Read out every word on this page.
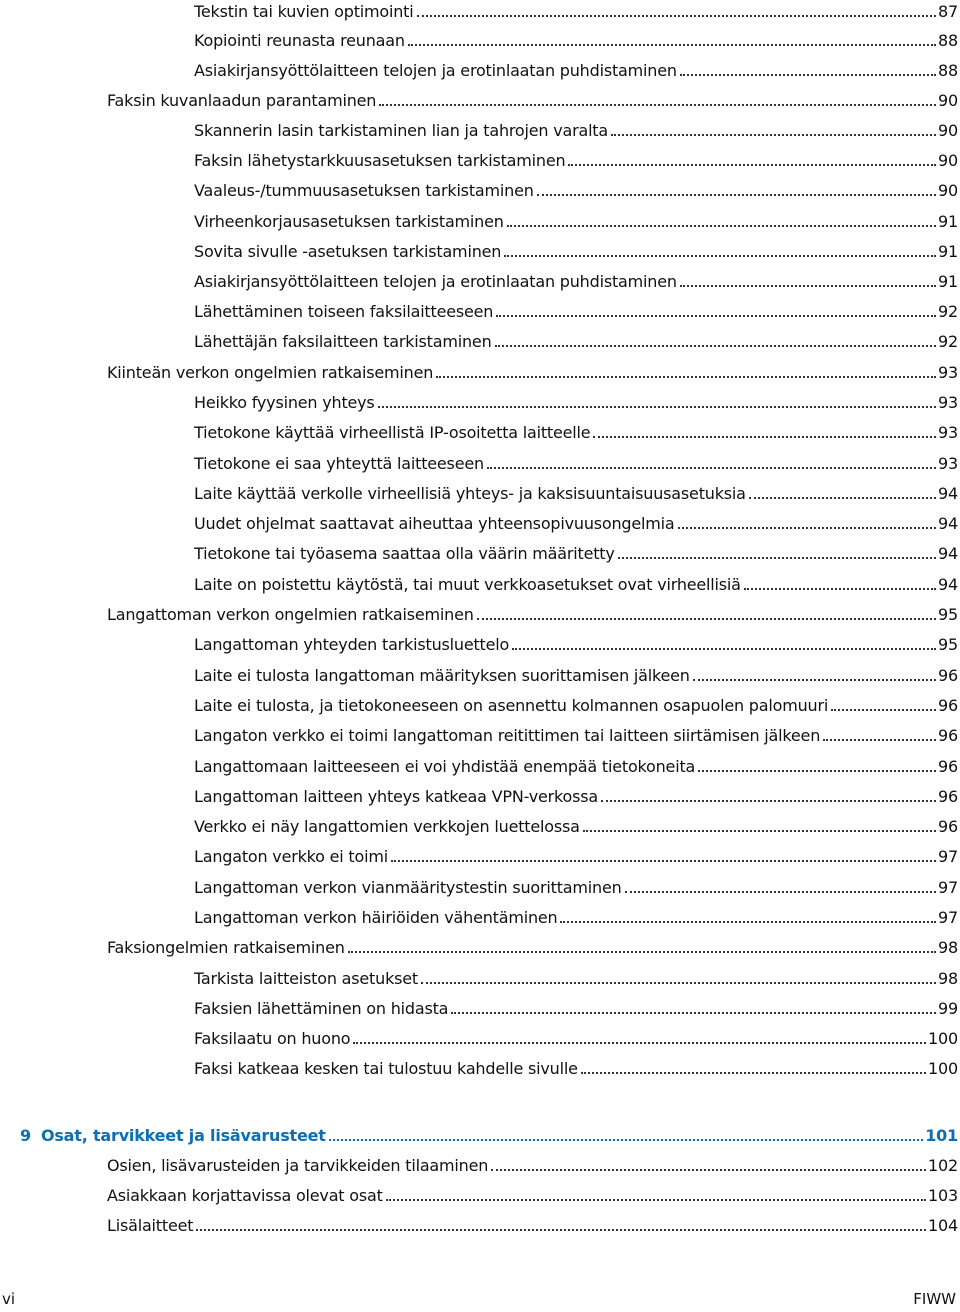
Tekstin tai kuvien optimointi	87
Kopiointi reunasta reunaan	88
Asiakirjansyöttölaitteen telojen ja erotinlaatan puhdistaminen	88
Faksin kuvanlaadun parantaminen	90
Skannerin lasin tarkistaminen lian ja tahrojen varalta	90
Faksin lähetystarkkuusasetuksen tarkistaminen	90
Vaaleus-/tummuusasetuksen tarkistaminen	90
Virheenkorjausasetuksen tarkistaminen	91
Sovita sivulle -asetuksen tarkistaminen	91
Asiakirjansyöttölaitteen telojen ja erotinlaatan puhdistaminen	91
Lähettäminen toiseen faksilaitteeseen	92
Lähettäjän faksilaitteen tarkistaminen	92
Kiinteän verkon ongelmien ratkaiseminen	93
Heikko fyysinen yhteys	93
Tietokone käyttää virheellistä IP-osoitetta laitteelle	93
Tietokone ei saa yhteyttä laitteeseen	93
Laite käyttää verkolle virheellisiä yhteys- ja kaksisuuntaisuusasetuksia	94
Uudet ohjelmat saattavat aiheuttaa yhteensopivuusongelmia	94
Tietokone tai työasema saattaa olla väärin määritetty	94
Laite on poistettu käytöstä, tai muut verkkoasetukset ovat virheellisiä	94
Langattoman verkon ongelmien ratkaiseminen	95
Langattoman yhteyden tarkistusluettelo	95
Laite ei tulosta langattoman määrityksen suorittamisen jälkeen	96
Laite ei tulosta, ja tietokoneeseen on asennettu kolmannen osapuolen palomuuri	96
Langaton verkko ei toimi langattoman reitittimen tai laitteen siirtämisen jälkeen	96
Langattomaan laitteeseen ei voi yhdistää enempää tietokoneita	96
Langattoman laitteen yhteys katkeaa VPN-verkossa	96
Verkko ei näy langattomien verkkojen luettelossa	96
Langaton verkko ei toimi	97
Langattoman verkon vianmääritystestin suorittaminen	97
Langattoman verkon häiriöiden vähentäminen	97
Faksiongelmien ratkaiseminen	98
Tarkista laitteiston asetukset	98
Faksien lähettäminen on hidasta	99
Faksilaatu on huono	100
Faksi katkeaa kesken tai tulostuu kahdelle sivulle	100
9 Osat, tarvikkeet ja lisävarusteet	101
Osien, lisävarusteiden ja tarvikkeiden tilaaminen	102
Asiakkaan korjattavissa olevat osat	103
Lisälaitteet	104
vi	FIWW
